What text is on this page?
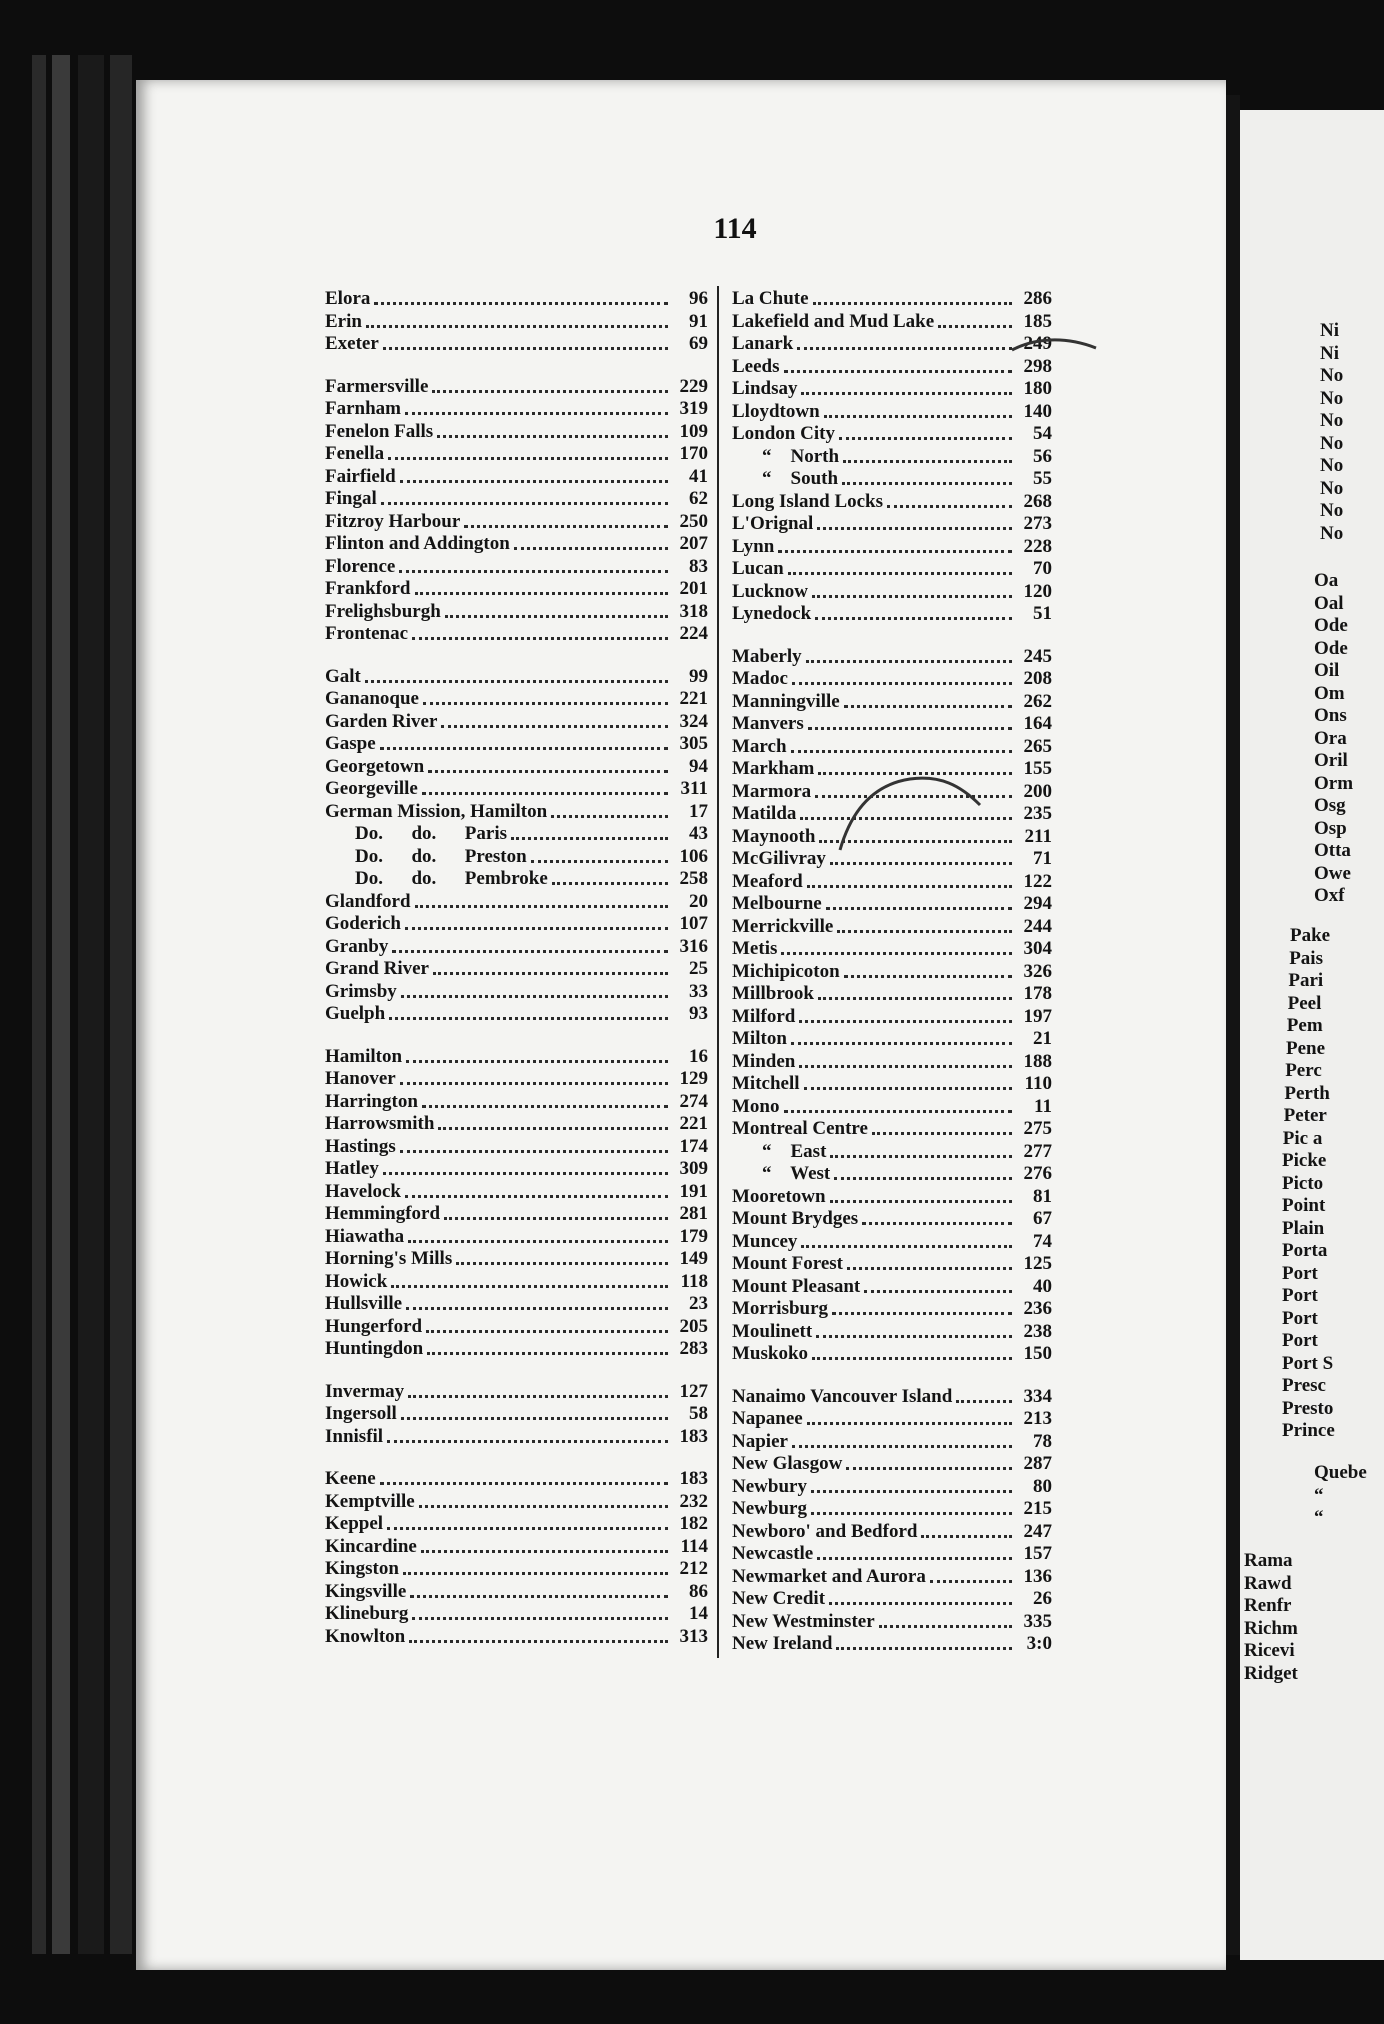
114
Elora	96
Erin	91
Exeter	69
Farmersville	229
Farnham	319
Fenelon Falls	109
Fenella	170
Fairfield	41
Fingal	62
Fitzroy Harbour	250
Flinton and Addington	207
Florence	83
Frankford	201
Frelighsburgh	318
Frontenac	224
Galt	99
Gananoque	221
Garden River	324
Gaspe	305
Georgetown	94
Georgeville	311
German Mission, Hamilton	17
Do.      do.      Paris	43
Do.      do.      Preston	106
Do.      do.      Pembroke	258
Glandford	20
Goderich	107
Granby	316
Grand River	25
Grimsby	33
Guelph	93
Hamilton	16
Hanover	129
Harrington	274
Harrowsmith	221
Hastings	174
Hatley	309
Havelock	191
Hemmingford	281
Hiawatha	179
Horning's Mills	149
Howick	118
Hullsville	23
Hungerford	205
Huntingdon	283
Invermay	127
Ingersoll	58
Innisfil	183
Keene	183
Kemptville	232
Keppel	182
Kincardine	114
Kingston	212
Kingsville	86
Klineburg	14
Knowlton	313
La Chute	286
Lakefield and Mud Lake	185
Lanark	249
Leeds	298
Lindsay	180
Lloydtown	140
London City	54
“    North	56
“    South	55
Long Island Locks	268
L'Orignal	273
Lynn	228
Lucan	70
Lucknow	120
Lynedock	51
Maberly	245
Madoc	208
Manningville	262
Manvers	164
March	265
Markham	155
Marmora	200
Matilda	235
Maynooth	211
McGilivray	71
Meaford	122
Melbourne	294
Merrickville	244
Metis	304
Michipicoton	326
Millbrook	178
Milford	197
Milton	21
Minden	188
Mitchell	110
Mono	11
Montreal Centre	275
“    East	277
“    West	276
Mooretown	81
Mount Brydges	67
Muncey	74
Mount Forest	125
Mount Pleasant	40
Morrisburg	236
Moulinett	238
Muskoko	150
Nanaimo Vancouver Island	334
Napanee	213
Napier	78
New Glasgow	287
Newbury	80
Newburg	215
Newboro' and Bedford	247
Newcastle	157
Newmarket and Aurora	136
New Credit	26
New Westminster	335
New Ireland	3:0
Ni
Ni
No
No
No
No
No
No
No
No
Oa
Oal
Ode
Ode
Oil
Om
Ons
Ora
Oril
Orm
Osg
Osp
Otta
Owe
Oxf
Pake
Pais
Pari
Peel
Pem
Pene
Perc
Perth
Peter
Pic a
Picke
Picto
Point
Plain
Porta
Port
Port
Port
Port
Port S
Presc
Presto
Prince
Quebe
“
“
Rama
Rawd
Renfr
Richm
Ricevi
Ridget
